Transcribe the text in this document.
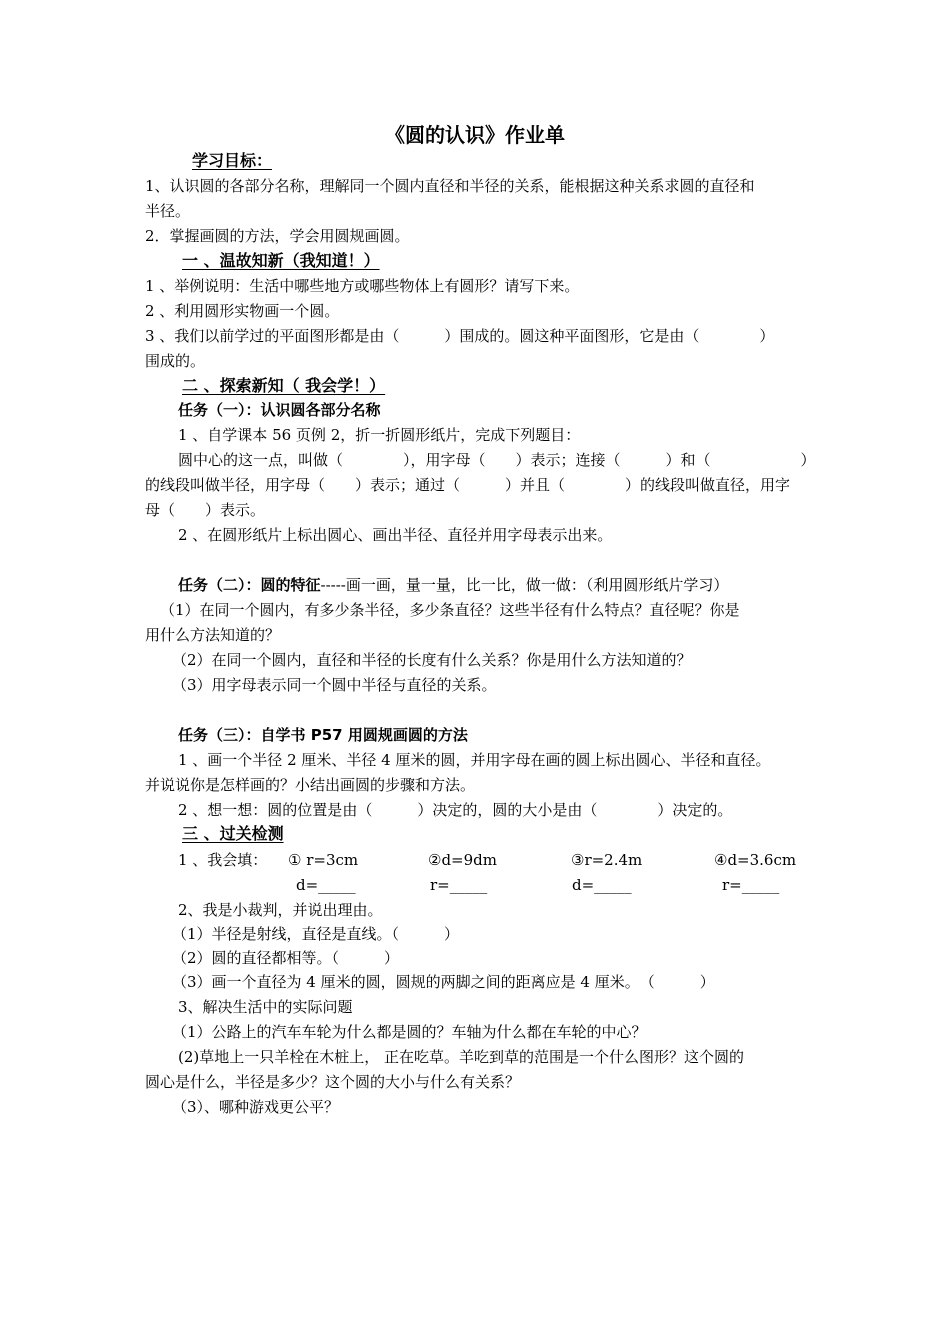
《圆的认识》作业单
学习目标：
1、认识圆的各部分名称，理解同一个圆内直径和半径的关系，能根据这种关系求圆的直径和
半径。
2．掌握画圆的方法，学会用圆规画圆。
一 、温故知新（我知道！）
1 、举例说明：生活中哪些地方或哪些物体上有圆形？请写下来。
2 、利用圆形实物画一个圆。
3 、我们以前学过的平面图形都是由（　　　）围成的。圆这种平面图形，它是由（　　　　）
围成的。
二 、探索新知（ 我会学！）
任务（一）：认识圆各部分名称
1 、自学课本 56 页例 2，折一折圆形纸片，完成下列题目：
圆中心的这一点，叫做（　　　　），用字母（　　）表示；连接（　　　）和（　　　　　　）
的线段叫做半径，用字母（　　）表示；通过（　　　）并且（　　　　）的线段叫做直径，用字
母（　　）表示。
2 、在圆形纸片上标出圆心、画出半径、直径并用字母表示出来。
任务（二）：圆的特征-----画一画，量一量，比一比，做一做：（利用圆形纸片学习）
（1）在同一个圆内，有多少条半径，多少条直径？这些半径有什么特点？直径呢？你是
用什么方法知道的？
（2）在同一个圆内，直径和半径的长度有什么关系？你是用什么方法知道的？
（3）用字母表示同一个圆中半径与直径的关系。
任务（三）：自学书 P57 用圆规画圆的方法
1 、画一个半径 2 厘米、半径 4 厘米的圆，并用字母在画的圆上标出圆心、半径和直径。
并说说你是怎样画的？小结出画圆的步骤和方法。
2 、想一想：圆的位置是由（　　　）决定的，圆的大小是由（　　　　）决定的。
三 、过关检测
1 、我会填： ① r=3cm	②d=9dm	③r=2.4m	④d=3.6cm
d=_____	r=_____	d=_____	r=_____
2、我是小裁判，并说出理由。
（1）半径是射线，直径是直线。（　　　）
（2）圆的直径都相等。（　　　）
（3）画一个直径为 4 厘米的圆，圆规的两脚之间的距离应是 4 厘米。　（　　　）
3、解决生活中的实际问题
（1）公路上的汽车车轮为什么都是圆的？车轴为什么都在车轮的中心？
(2)草地上一只羊栓在木桩上， 正在吃草。羊吃到草的范围是一个什么图形？这个圆的
圆心是什么，半径是多少？这个圆的大小与什么有关系？
（3）、哪种游戏更公平？
